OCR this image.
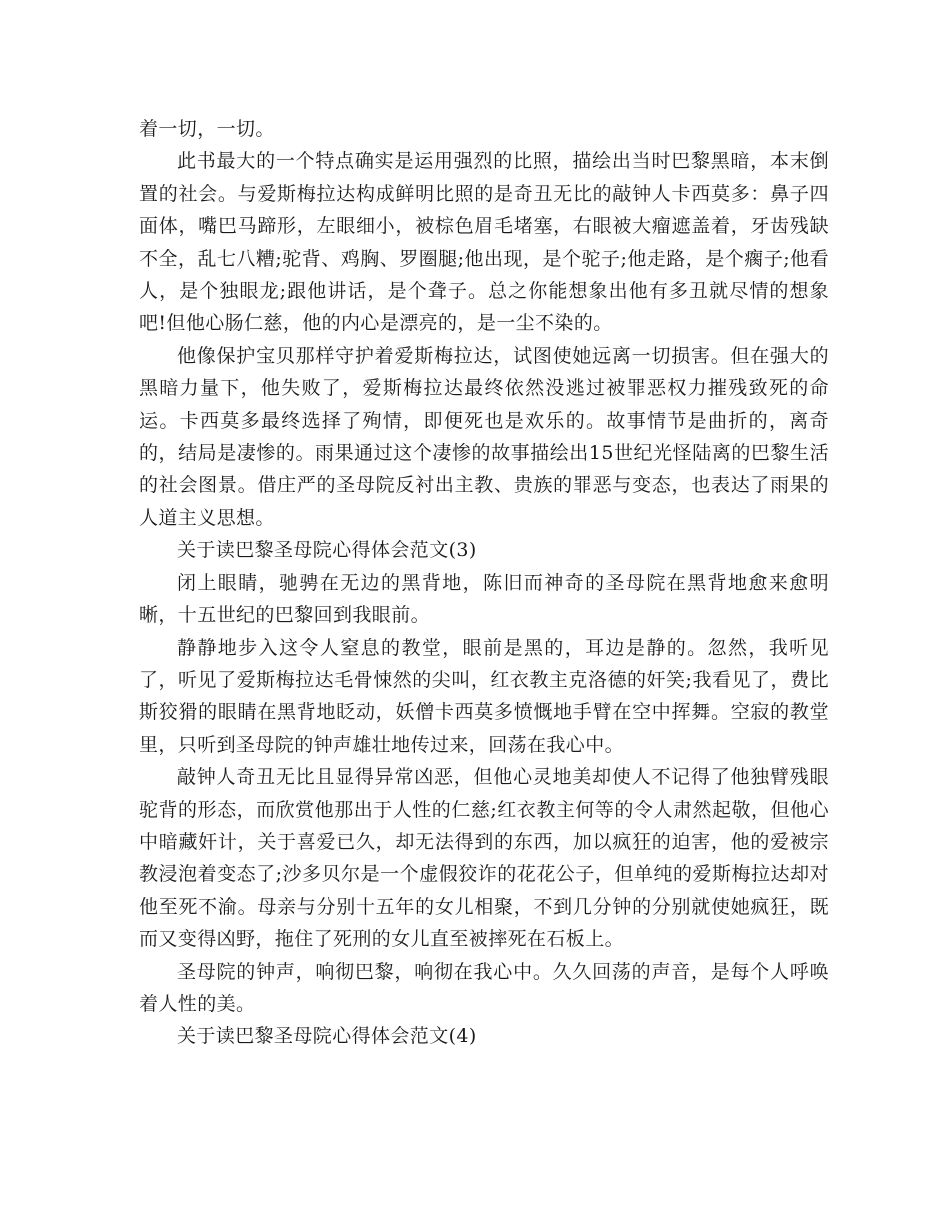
着一切，一切。

此书最大的一个特点确实是运用强烈的比照，描绘出当时巴黎黑暗，本末倒置的社会。与爱斯梅拉达构成鲜明比照的是奇丑无比的敲钟人卡西莫多：鼻子四面体，嘴巴马蹄形，左眼细小，被棕色眉毛堵塞，右眼被大瘤遮盖着，牙齿残缺不全，乱七八糟;驼背、鸡胸、罗圈腿;他出现，是个驼子;他走路，是个瘸子;他看人，是个独眼龙;跟他讲话，是个聋子。总之你能想象出他有多丑就尽情的想象吧!但他心肠仁慈，他的内心是漂亮的，是一尘不染的。

他像保护宝贝那样守护着爱斯梅拉达，试图使她远离一切损害。但在强大的黑暗力量下，他失败了，爱斯梅拉达最终依然没逃过被罪恶权力摧残致死的命运。卡西莫多最终选择了殉情，即便死也是欢乐的。故事情节是曲折的，离奇的，结局是凄惨的。雨果通过这个凄惨的故事描绘出15世纪光怪陆离的巴黎生活的社会图景。借庄严的圣母院反衬出主教、贵族的罪恶与变态，也表达了雨果的人道主义思想。

关于读巴黎圣母院心得体会范文(3)

闭上眼睛，驰骋在无边的黑背地，陈旧而神奇的圣母院在黑背地愈来愈明晰，十五世纪的巴黎回到我眼前。

静静地步入这令人窒息的教堂，眼前是黑的，耳边是静的。忽然，我听见了，听见了爱斯梅拉达毛骨悚然的尖叫，红衣教主克洛德的奸笑;我看见了，费比斯狡猾的眼睛在黑背地眨动，妖僧卡西莫多愤慨地手臂在空中挥舞。空寂的教堂里，只听到圣母院的钟声雄壮地传过来，回荡在我心中。

敲钟人奇丑无比且显得异常凶恶，但他心灵地美却使人不记得了他独臂残眼驼背的形态，而欣赏他那出于人性的仁慈;红衣教主何等的令人肃然起敬，但他心中暗藏奸计，关于喜爱已久，却无法得到的东西，加以疯狂的迫害，他的爱被宗教浸泡着变态了;沙多贝尔是一个虚假狡诈的花花公子，但单纯的爱斯梅拉达却对他至死不渝。母亲与分别十五年的女儿相聚，不到几分钟的分别就使她疯狂，既而又变得凶野，拖住了死刑的女儿直至被摔死在石板上。

圣母院的钟声，响彻巴黎，响彻在我心中。久久回荡的声音，是每个人呼唤着人性的美。

关于读巴黎圣母院心得体会范文(4)
